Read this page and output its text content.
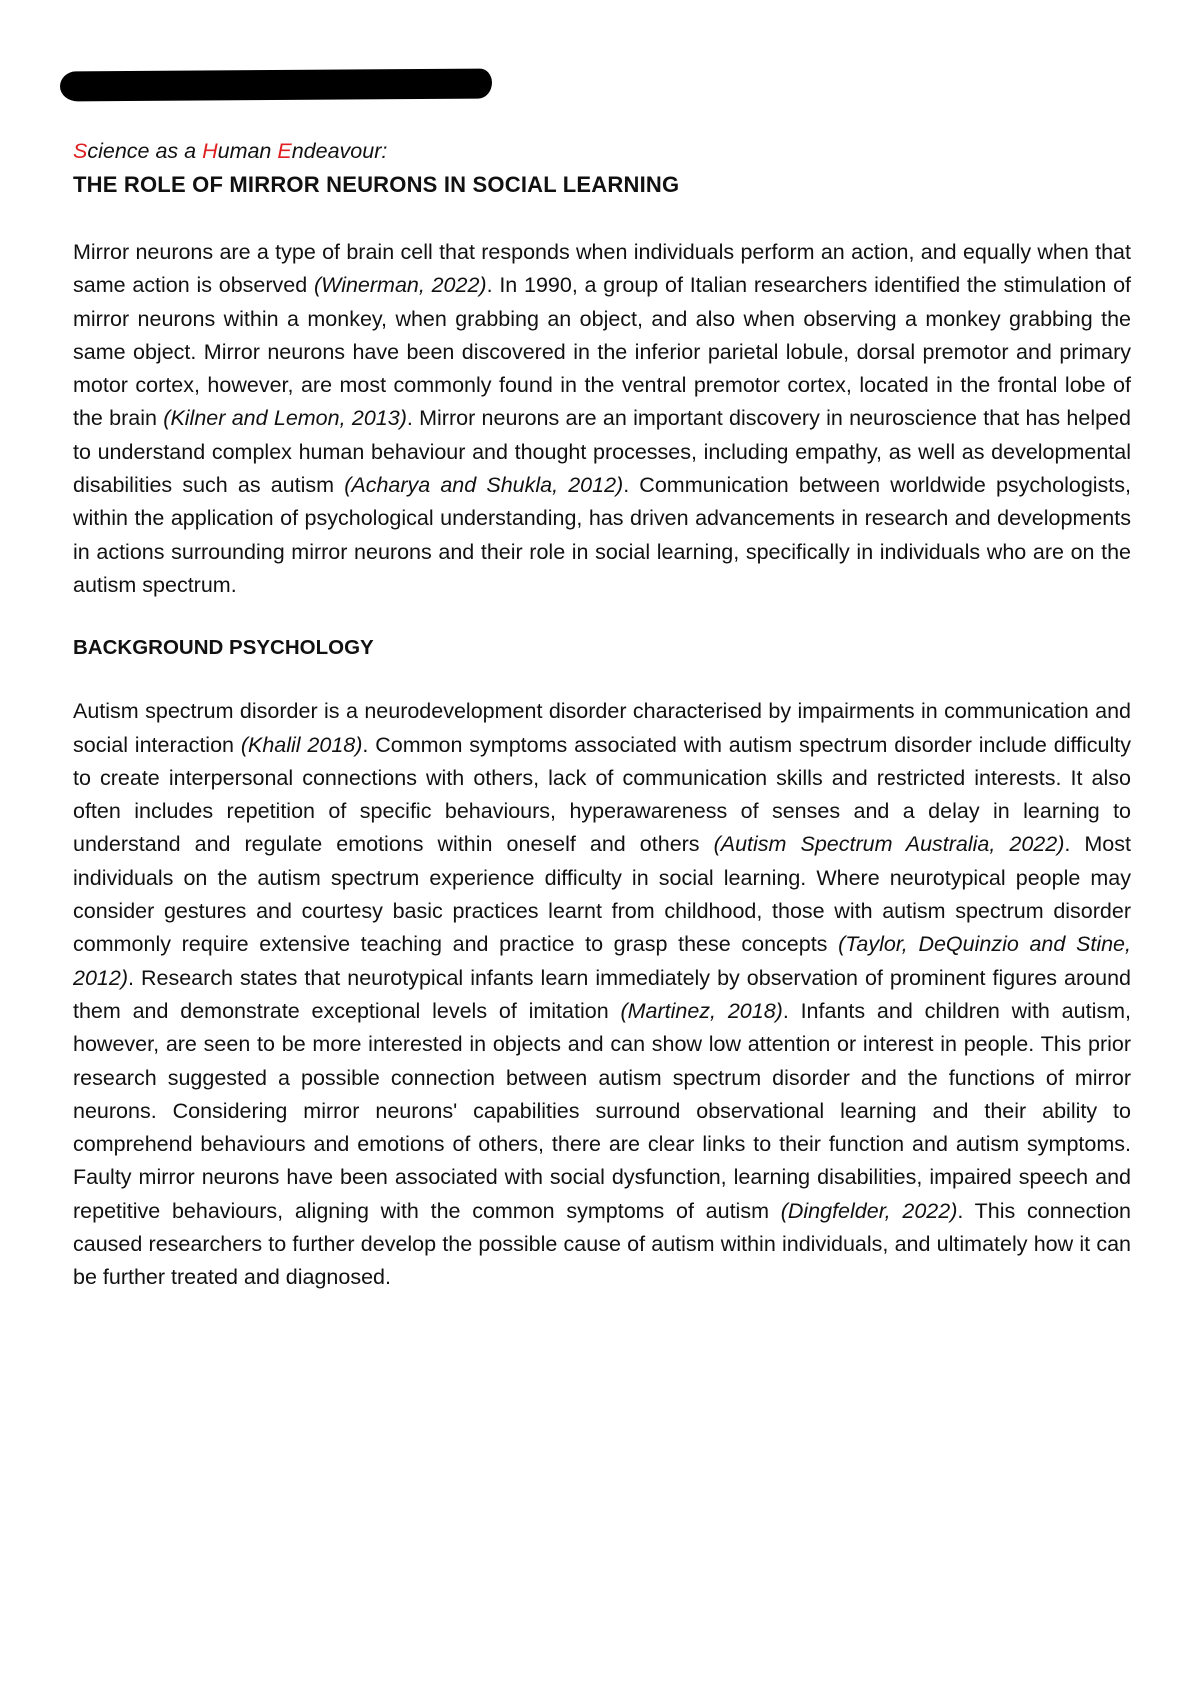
Science as a Human Endeavour:

THE ROLE OF MIRROR NEURONS IN SOCIAL LEARNING

Mirror neurons are a type of brain cell that responds when individuals perform an action, and equally when that same action is observed (Winerman, 2022). In 1990, a group of Italian researchers identified the stimulation of mirror neurons within a monkey, when grabbing an object, and also when observing a monkey grabbing the same object. Mirror neurons have been discovered in the inferior parietal lobule, dorsal premotor and primary motor cortex, however, are most commonly found in the ventral premotor cortex, located in the frontal lobe of the brain (Kilner and Lemon, 2013). Mirror neurons are an important discovery in neuroscience that has helped to understand complex human behaviour and thought processes, including empathy, as well as developmental disabilities such as autism (Acharya and Shukla, 2012). Communication between worldwide psychologists, within the application of psychological understanding, has driven advancements in research and developments in actions surrounding mirror neurons and their role in social learning, specifically in individuals who are on the autism spectrum.

BACKGROUND PSYCHOLOGY

Autism spectrum disorder is a neurodevelopment disorder characterised by impairments in communication and social interaction (Khalil 2018). Common symptoms associated with autism spectrum disorder include difficulty to create interpersonal connections with others, lack of communication skills and restricted interests. It also often includes repetition of specific behaviours, hyperawareness of senses and a delay in learning to understand and regulate emotions within oneself and others (Autism Spectrum Australia, 2022). Most individuals on the autism spectrum experience difficulty in social learning. Where neurotypical people may consider gestures and courtesy basic practices learnt from childhood, those with autism spectrum disorder commonly require extensive teaching and practice to grasp these concepts (Taylor, DeQuinzio and Stine, 2012). Research states that neurotypical infants learn immediately by observation of prominent figures around them and demonstrate exceptional levels of imitation (Martinez, 2018). Infants and children with autism, however, are seen to be more interested in objects and can show low attention or interest in people. This prior research suggested a possible connection between autism spectrum disorder and the functions of mirror neurons. Considering mirror neurons' capabilities surround observational learning and their ability to comprehend behaviours and emotions of others, there are clear links to their function and autism symptoms. Faulty mirror neurons have been associated with social dysfunction, learning disabilities, impaired speech and repetitive behaviours, aligning with the common symptoms of autism (Dingfelder, 2022). This connection caused researchers to further develop the possible cause of autism within individuals, and ultimately how it can be further treated and diagnosed.
